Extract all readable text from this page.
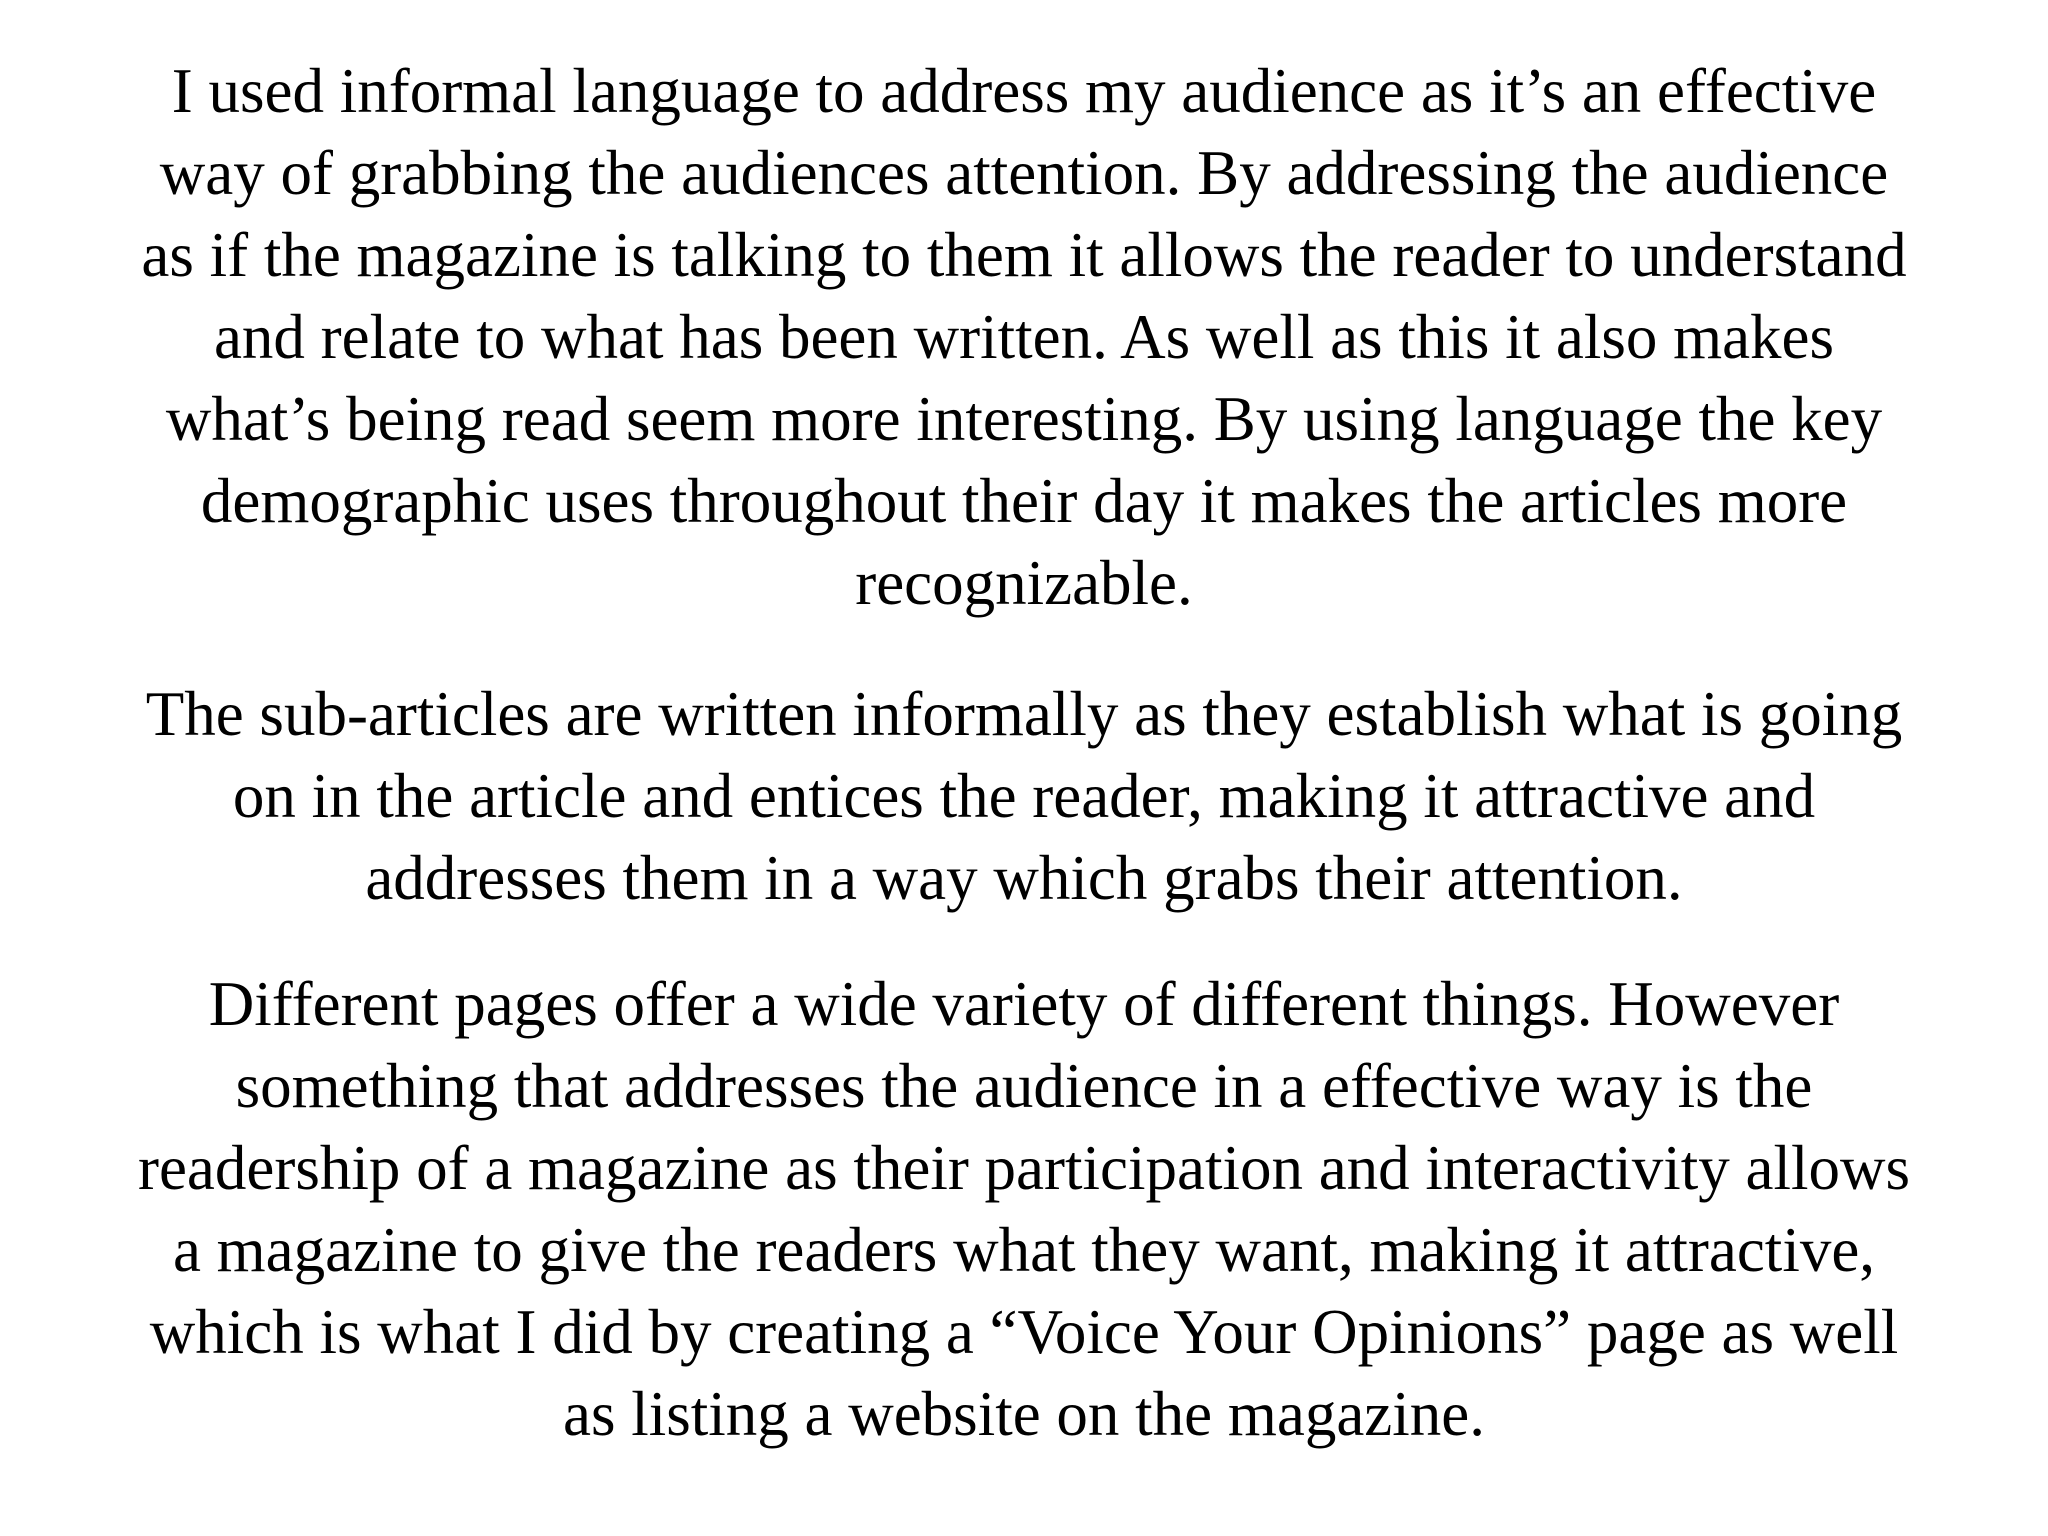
I used informal language to address my audience as it’s an effective
way of grabbing the audiences attention. By addressing the audience
as if the magazine is talking to them it allows the reader to understand
and relate to what has been written. As well as this it also makes
what’s being read seem more interesting. By using language the key
demographic uses throughout their day it makes the articles more
recognizable.

The sub-articles are written informally as they establish what is going
on in the article and entices the reader, making it attractive and
addresses them in a way which grabs their attention.

Different pages offer a wide variety of different things. However
something that addresses the audience in a effective way is the
readership of a magazine as their participation and interactivity allows
a magazine to give the readers what they want, making it attractive,
which is what I did by creating a “Voice Your Opinions” page as well
as listing a website on the magazine.
